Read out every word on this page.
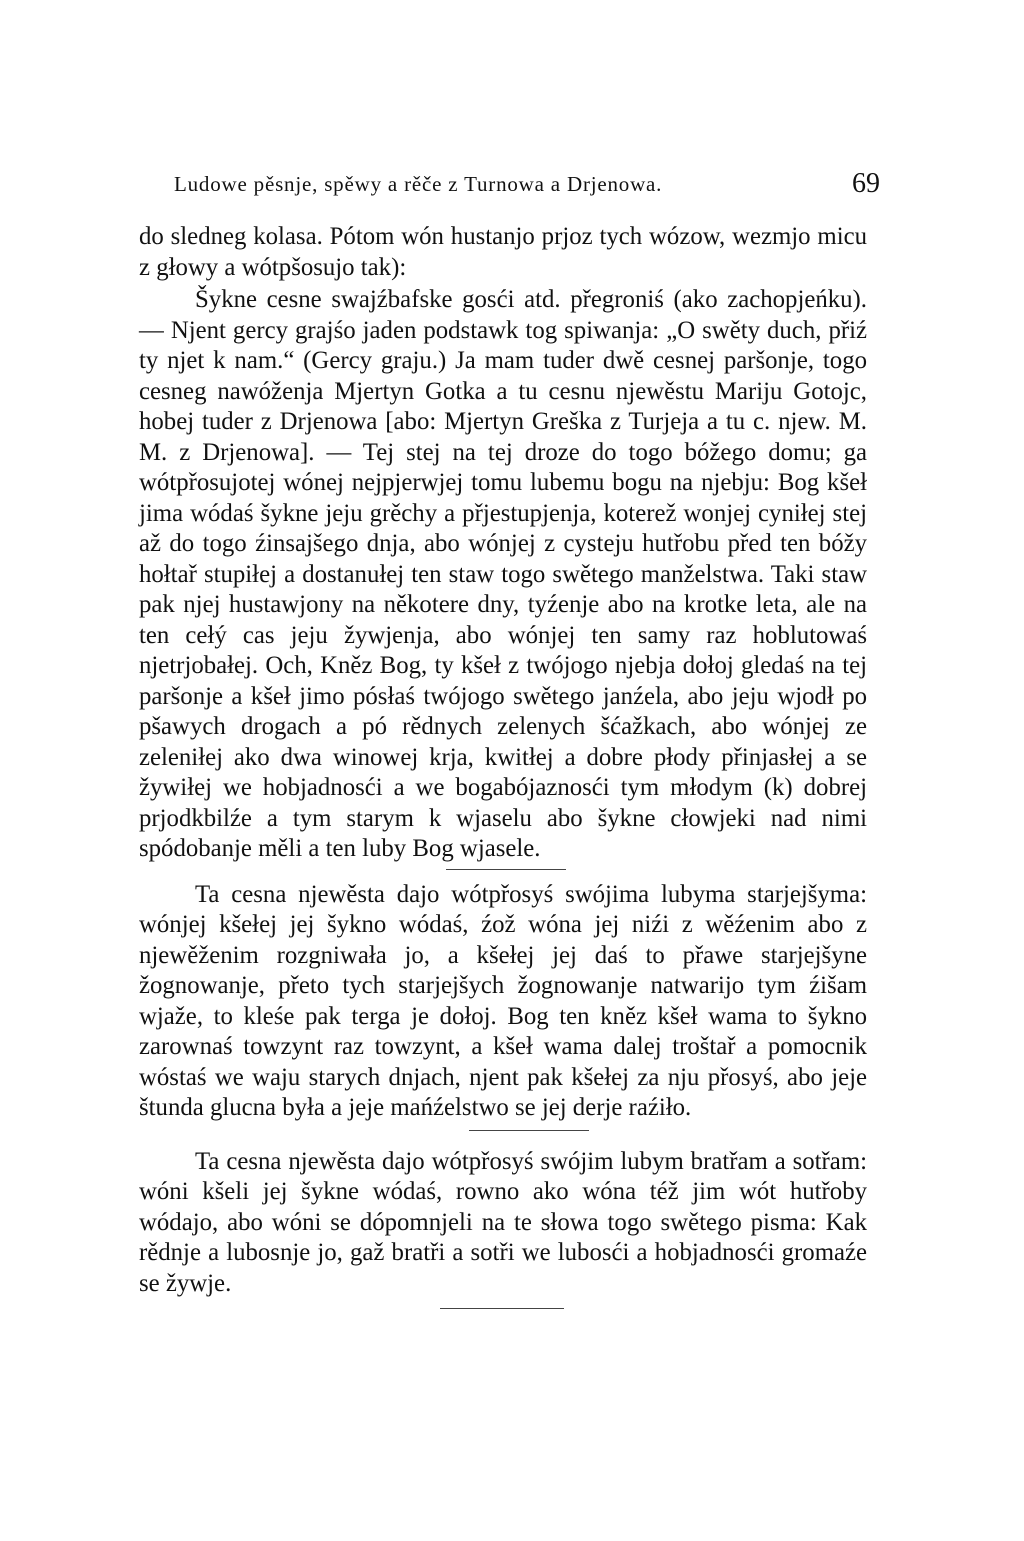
Ludowe pěsnje, spěwy a rěče z Turnowa a Drjenowa.	69

do sledneg kolasa. Pótom wón hustanjo prjoz tych wózow, wezmjo micu z głowy a wótpšosujo tak):

Šykne cesne swajźbafske gosći atd. přegroniś (ako zachopjeńku). — Njent gercy grajśo jaden podstawk tog spiwanja: „O swěty duch, přiź ty njet k nam.“ (Gercy graju.) Ja mam tuder dwě cesnej paršonje, togo cesneg nawóženja Mjertyn Gotka a tu cesnu njewěstu Mariju Gotojc, hobej tuder z Drjenowa [abo: Mjertyn Greška z Turjeja a tu c. njew. M. M. z Drjenowa]. — Tej stej na tej droze do togo bóžego domu; ga wótpřosujotej wónej nejpjerwjej tomu lubemu bogu na njebju: Bog kšeł jima wódaś šykne jeju grěchy a přjestupjenja, koterež wonjej cyniłej stej až do togo źinsajšego dnja, abo wónjej z cysteju hutřobu před ten bóžy hołtař stupiłej a dostanułej ten staw togo swětego manželstwa. Taki staw pak njej hustawjony na někotere dny, tyźenje abo na krotke leta, ale na ten cełý cas jeju žywjenja, abo wónjej ten samy raz hoblutowaś njetrjobałej. Och, Kněz Bog, ty kšeł z twójogo njebja dołoj gledaś na tej paršonje a kšeł jimo pósłaś twójogo swětego janźela, abo jeju wjodł po pšawych drogach a pó rědnych zelenych šćažkach, abo wónjej ze zeleniłej ako dwa winowej krja, kwitłej a dobre płody přinjasłej a se žywiłej we hobjadnosći a we bogabójaznosći tym młodym (k) dobrej prjodkbilźe a tym starym k wjaselu abo šykne cłowjeki nad nimi spódobanje měli a ten luby Bog wjasele.

Ta cesna njewěsta dajo wótpřosyś swójima lubyma starjejšyma: wónjej kšełej jej šykno wódaś, źož wóna jej niźi z wěźenim abo z njewěženim rozgniwała jo, a kšełej jej daś to přawe starjejšyne žognowanje, přeto tych starjejšych žognowanje natwarijo tym źišam wjaže, to kleśe pak terga je dołoj. Bog ten kněz kšeł wama to šykno zarownaś towzynt raz towzynt, a kšeł wama dalej troštař a pomocnik wóstaś we waju starych dnjach, njent pak kšełej za nju přosyś, abo jeje štunda glucna była a jeje mańźelstwo se jej derje raźiło.

Ta cesna njewěsta dajo wótpřosyś swójim lubym bratřam a sotřam: wóni kšeli jej šykne wódaś, rowno ako wóna též jim wót hutřoby wódajo, abo wóni se dópomnjeli na te słowa togo swětego pisma: Kak rědnje a lubosnje jo, gaž bratři a sotři we lubosći a hobjadnosći gromaźe se žywje.
